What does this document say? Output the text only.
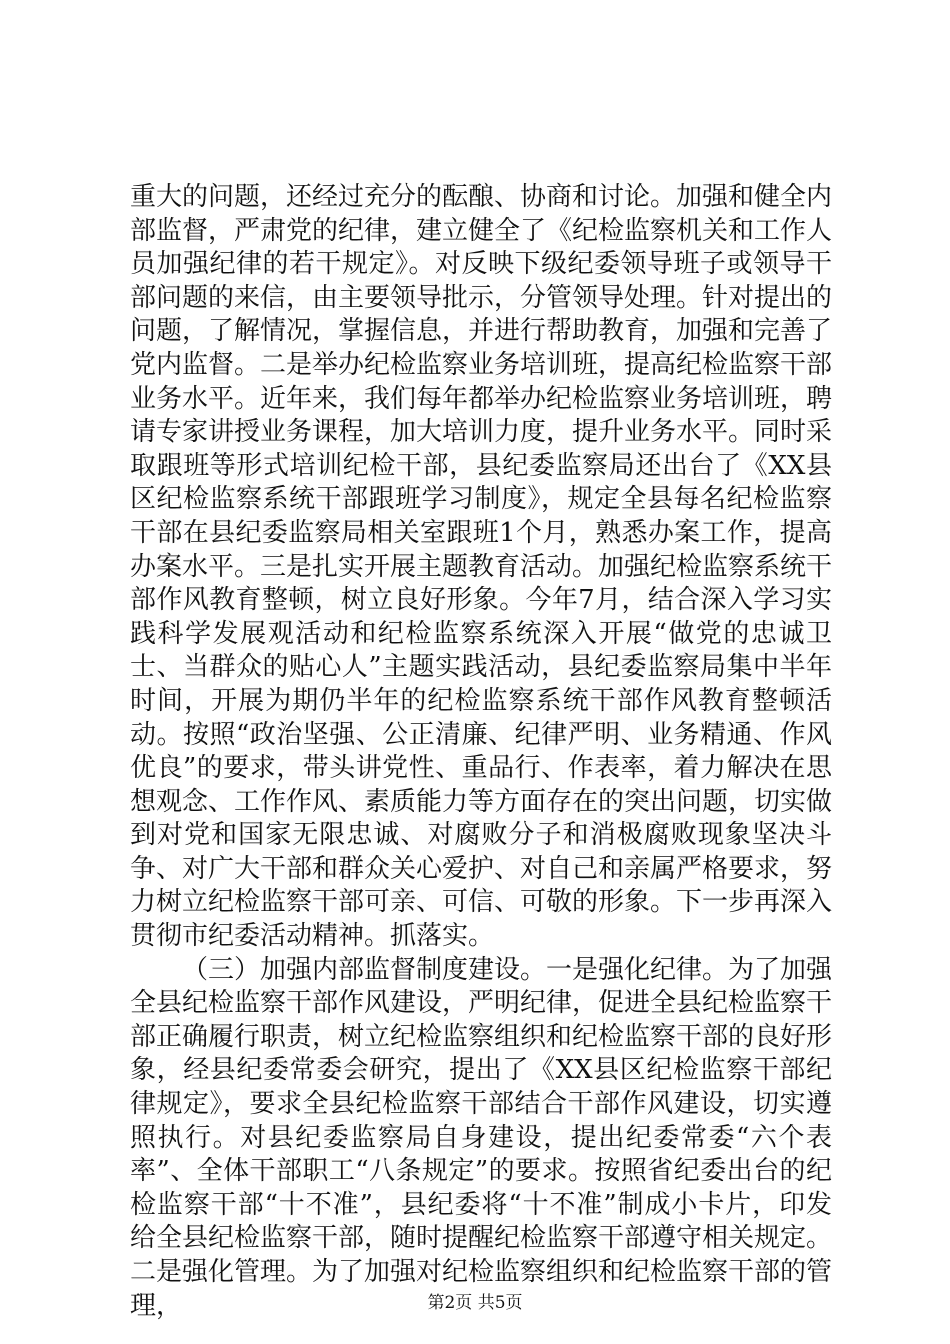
重大的问题，还经过充分的酝酿、协商和讨论。加强和健全内部监督，严肃党的纪律，建立健全了《纪检监察机关和工作人员加强纪律的若干规定》。对反映下级纪委领导班子或领导干部问题的来信，由主要领导批示，分管领导处理。针对提出的问题，了解情况，掌握信息，并进行帮助教育，加强和完善了党内监督。二是举办纪检监察业务培训班，提高纪检监察干部业务水平。近年来，我们每年都举办纪检监察业务培训班，聘请专家讲授业务课程，加大培训力度，提升业务水平。同时采取跟班等形式培训纪检干部，县纪委监察局还出台了《XX县区纪检监察系统干部跟班学习制度》，规定全县每名纪检监察干部在县纪委监察局相关室跟班1个月，熟悉办案工作，提高办案水平。三是扎实开展主题教育活动。加强纪检监察系统干部作风教育整顿，树立良好形象。今年7月，结合深入学习实践科学发展观活动和纪检监察系统深入开展“做党的忠诚卫士、当群众的贴心人”主题实践活动，县纪委监察局集中半年时间，开展为期仍半年的纪检监察系统干部作风教育整顿活动。按照“政治坚强、公正清廉、纪律严明、业务精通、作风优良”的要求，带头讲党性、重品行、作表率，着力解决在思想观念、工作作风、素质能力等方面存在的突出问题，切实做到对党和国家无限忠诚、对腐败分子和消极腐败现象坚决斗争、对广大干部和群众关心爱护、对自己和亲属严格要求，努力树立纪检监察干部可亲、可信、可敬的形象。下一步再深入贯彻市纪委活动精神。抓落实。

（三）加强内部监督制度建设。一是强化纪律。为了加强全县纪检监察干部作风建设，严明纪律，促进全县纪检监察干部正确履行职责，树立纪检监察组织和纪检监察干部的良好形象，经县纪委常委会研究，提出了《XX县区纪检监察干部纪律规定》，要求全县纪检监察干部结合干部作风建设，切实遵照执行。对县纪委监察局自身建设，提出纪委常委“六个表率”、全体干部职工“八条规定”的要求。按照省纪委出台的纪检监察干部“十不准”，县纪委将“十不准”制成小卡片，印发给全县纪检监察干部，随时提醒纪检监察干部遵守相关规定。二是强化管理。为了加强对纪检监察组织和纪检监察干部的管理，	第2页 共5页
